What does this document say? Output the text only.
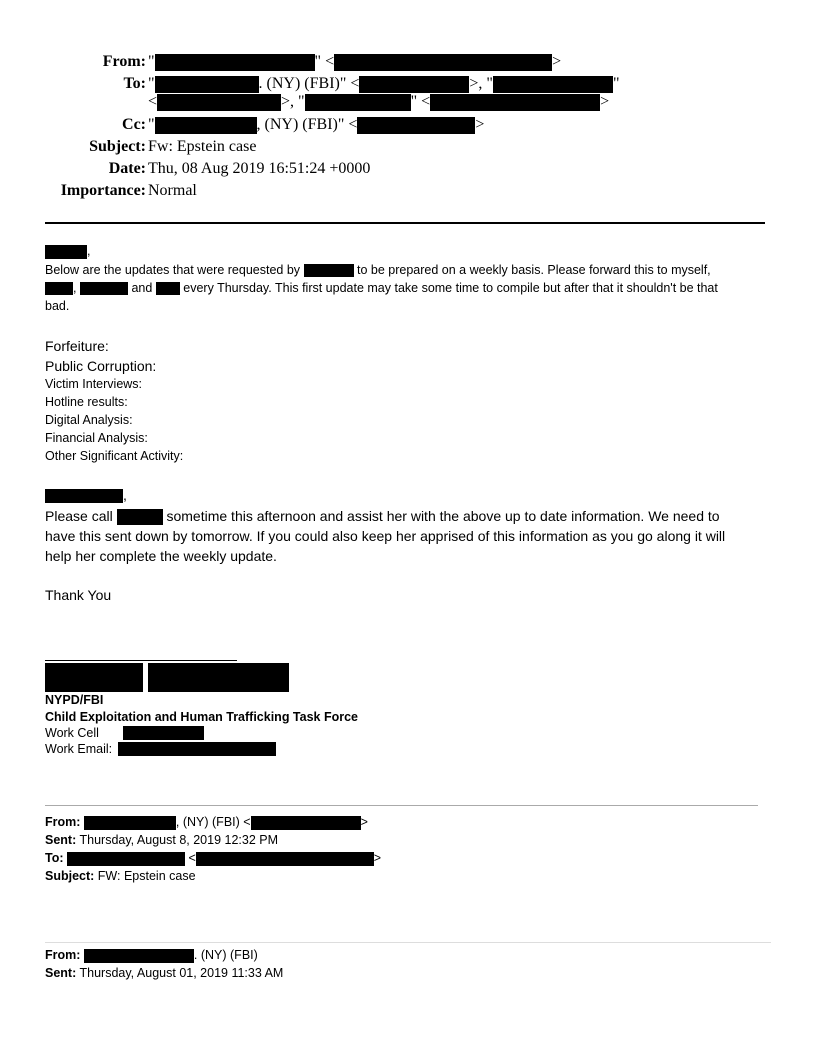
From: "	" <	>
To: "	. (NY) (FBI)" <	>, "	"
<	>, "	" <	>
Cc: "	, (NY) (FBI)" <	>
Subject: Fw: Epstein case
Date: Thu, 08 Aug 2019 16:51:24 +0000
Importance: Normal
,
Below are the updates that were requested by	to be prepared on a weekly basis. Please forward this to myself,
,	and every Thursday. This first update may take some time to compile but after that it shouldn't be that
bad.
Forfeiture:
Public Corruption:
Victim Interviews:
Hotline results:
Digital Analysis:
Financial Analysis:
Other Significant Activity:
,
Please call	sometime this afternoon and assist her with the above up to date information. We need to
have this sent down by tomorrow. If you could also keep her apprised of this information as you go along it will
help her complete the weekly update.
Thank You
NYPD/FBI
Child Exploitation and Human Trafficking Task Force
Work Cell
Work Email:
From:	, (NY) (FBI) <	>
Sent: Thursday, August 8, 2019 12:32 PM
To:	<	>
Subject: FW: Epstein case
From:	. (NY) (FBI)
Sent: Thursday, August 01, 2019 11:33 AM
